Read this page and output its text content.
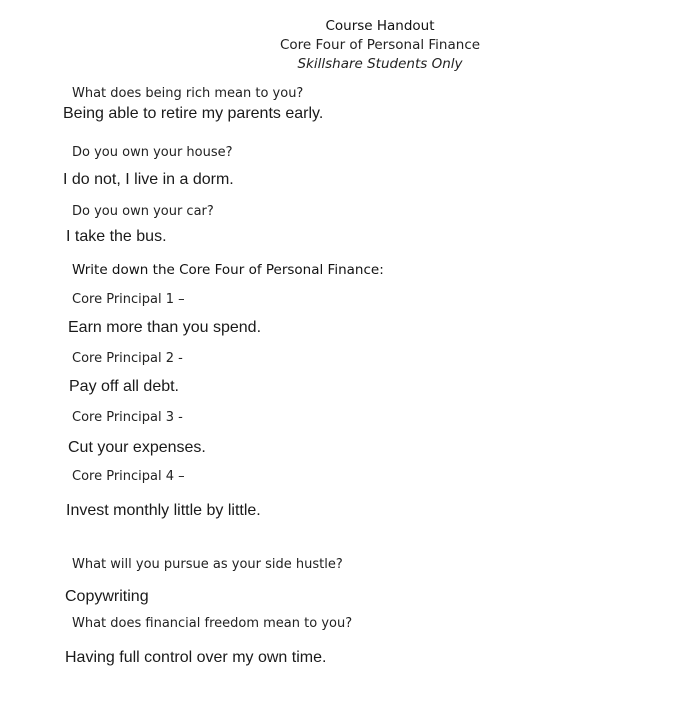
Course Handout
Core Four of Personal Finance
Skillshare Students Only
What does being rich mean to you?
Being able to retire my parents early.
Do you own your house?
I do not, I live in a dorm.
Do you own your car?
I take the bus.
Write down the Core Four of Personal Finance:
Core Principal 1 –
Earn more than you spend.
Core Principal 2 -
Pay off all debt.
Core Principal 3 -
Cut your expenses.
Core Principal 4 –
Invest monthly little by little.
What will you pursue as your side hustle?
Copywriting
What does financial freedom mean to you?
Having full control over my own time.
